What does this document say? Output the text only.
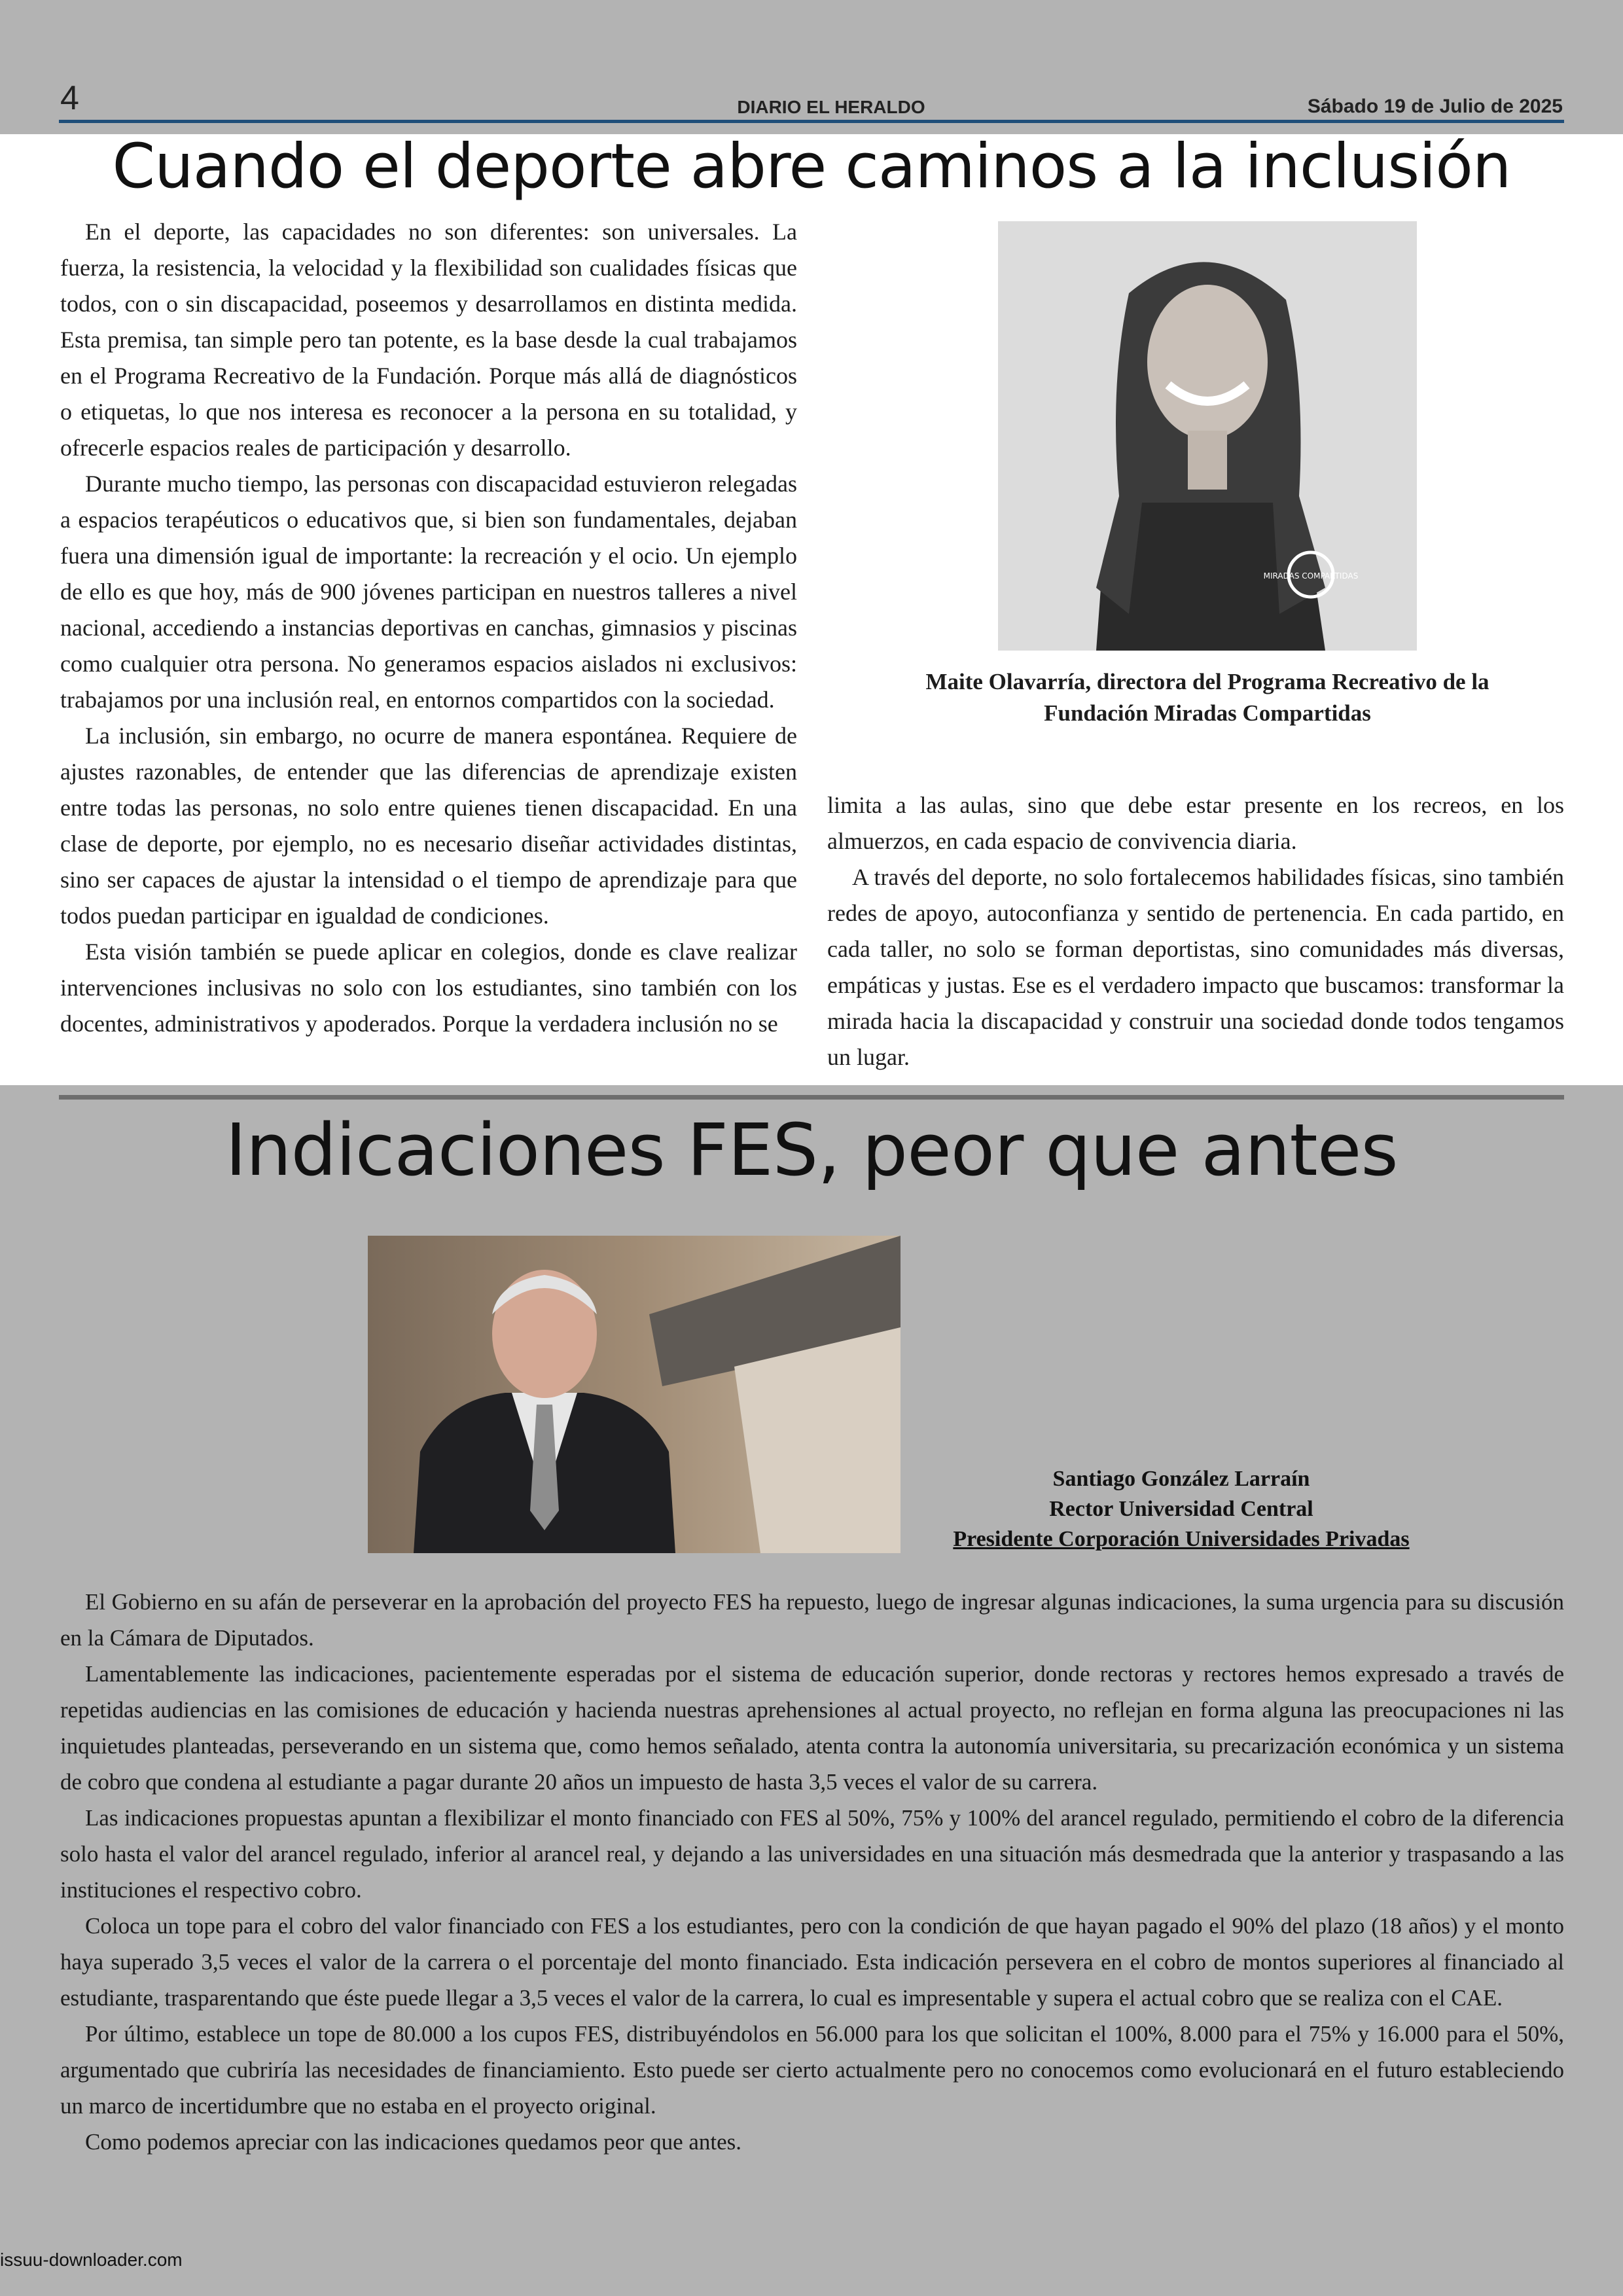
4	DIARIO EL HERALDO	Sábado 19 de Julio de 2025
Cuando el deporte abre caminos a la inclusión

En el deporte, las capacidades no son diferentes: son universales. La fuerza, la resistencia, la velocidad y la flexibilidad son cualidades físicas que todos, con o sin discapacidad, poseemos y desarrollamos en distinta medida. Esta premisa, tan simple pero tan potente, es la base desde la cual trabajamos en el Programa Recreativo de la Fundación. Porque más allá de diagnósticos o etiquetas, lo que nos interesa es reconocer a la persona en su totalidad, y ofrecerle espacios reales de participación y desarrollo.

Durante mucho tiempo, las personas con discapacidad estuvieron relegadas a espacios terapéuticos o educativos que, si bien son fundamentales, dejaban fuera una dimensión igual de importante: la recreación y el ocio. Un ejemplo de ello es que hoy, más de 900 jóvenes participan en nuestros talleres a nivel nacional, accediendo a instancias deportivas en canchas, gimnasios y piscinas como cualquier otra persona. No generamos espacios aislados ni exclusivos: trabajamos por una inclusión real, en entornos compartidos con la sociedad.

La inclusión, sin embargo, no ocurre de manera espontánea. Requiere de ajustes razonables, de entender que las diferencias de aprendizaje existen entre todas las personas, no solo entre quienes tienen discapacidad. En una clase de deporte, por ejemplo, no es necesario diseñar actividades distintas, sino ser capaces de ajustar la intensidad o el tiempo de aprendizaje para que todos puedan participar en igualdad de condiciones.

Esta visión también se puede aplicar en colegios, donde es clave realizar intervenciones inclusivas no solo con los estudiantes, sino también con los docentes, administrativos y apoderados. Porque la verdadera inclusión no se

MIRADAS COMPARTIDAS
Maite Olavarría, directora del Programa Recreativo de la
Fundación Miradas Compartidas

limita a las aulas, sino que debe estar presente en los recreos, en los almuerzos, en cada espacio de convivencia diaria.

A través del deporte, no solo fortalecemos habilidades físicas, sino también redes de apoyo, autoconfianza y sentido de pertenencia. En cada partido, en cada taller, no solo se forman deportistas, sino comunidades más diversas, empáticas y justas. Ese es el verdadero impacto que buscamos: transformar la mirada hacia la discapacidad y construir una sociedad donde todos tengamos un lugar.

Indicaciones FES, peor que antes
Santiago González Larraín
Rector Universidad Central
Presidente Corporación Universidades Privadas

El Gobierno en su afán de perseverar en la aprobación del proyecto FES ha repuesto, luego de ingresar algunas indicaciones, la suma urgencia para su discusión en la Cámara de Diputados.

Lamentablemente las indicaciones, pacientemente esperadas por el sistema de educación superior, donde rectoras y rectores hemos expresado a través de repetidas audiencias en las comisiones de educación y hacienda nuestras aprehensiones al actual proyecto, no reflejan en forma alguna las preocupaciones ni las inquietudes planteadas, perseverando en un sistema que, como hemos señalado, atenta contra la autonomía universitaria, su precarización económica y un sistema de cobro que condena al estudiante a pagar durante 20 años un impuesto de hasta 3,5 veces el valor de su carrera.

Las indicaciones propuestas apuntan a flexibilizar el monto financiado con FES al 50%, 75% y 100% del arancel regulado, permitiendo el cobro de la diferencia solo hasta el valor del arancel regulado, inferior al arancel real, y dejando a las universidades en una situación más desmedrada que la anterior y traspasando a las instituciones el respectivo cobro.

Coloca un tope para el cobro del valor financiado con FES a los estudiantes, pero con la condición de que hayan pagado el 90% del plazo (18 años) y el monto haya superado 3,5 veces el valor de la carrera o el porcentaje del monto financiado. Esta indicación persevera en el cobro de montos superiores al financiado al estudiante, trasparentando que éste puede llegar a 3,5 veces el valor de la carrera, lo cual es impresentable y supera el actual cobro que se realiza con el CAE.

Por último, establece un tope de 80.000 a los cupos FES, distribuyéndolos en 56.000 para los que solicitan el 100%, 8.000 para el 75% y 16.000 para el 50%, argumentado que cubriría las necesidades de financiamiento. Esto puede ser cierto actualmente pero no conocemos como evolucionará en el futuro estableciendo un marco de incertidumbre que no estaba en el proyecto original.

Como podemos apreciar con las indicaciones quedamos peor que antes.

issuu-downloader.com
